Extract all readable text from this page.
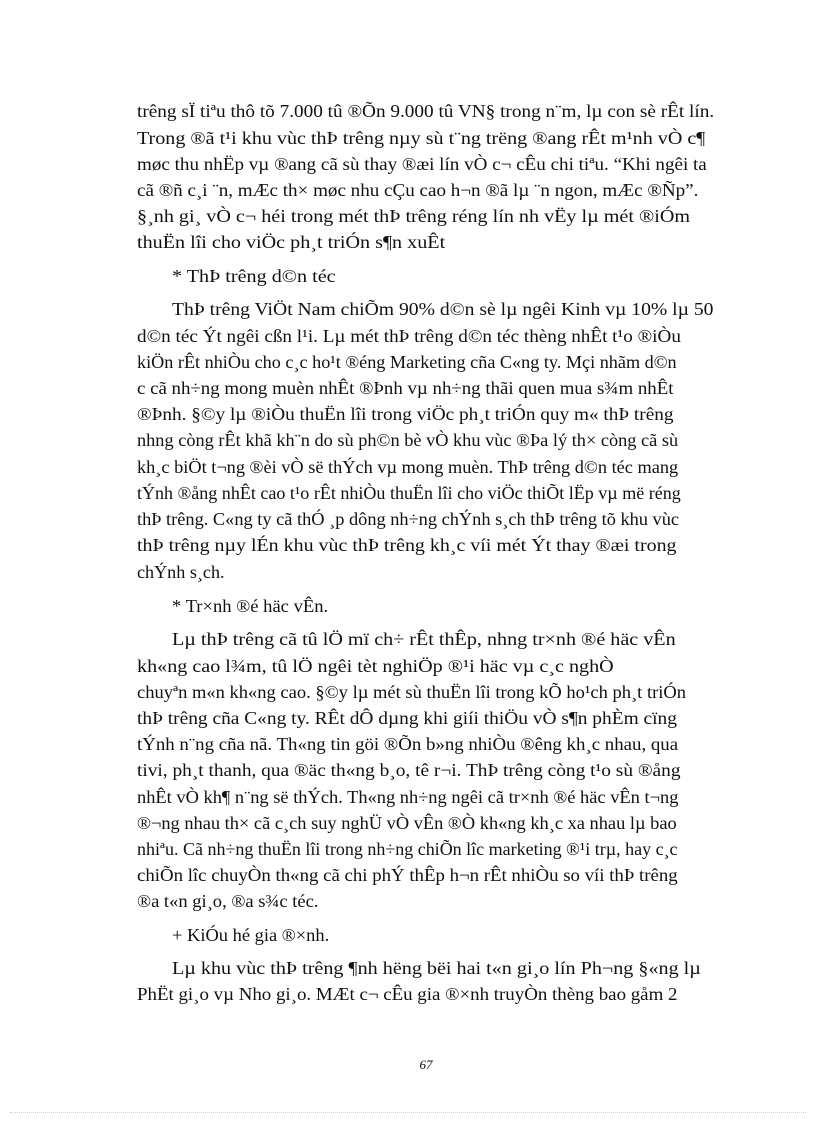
trêng sÏ tiªu thô tõ 7.000 tû ®Õn 9.000 tû VN§ trong n¨m, lµ con sè rÊt lín.
Trong ®ã t¹i khu vùc thÞ trêng nµy sù t¨ng trëng ®ang rÊt m¹nh vÒ c¶
møc thu nhËp vµ ®ang cã sù thay ®æi lín vÒ c¬ cÊu chi tiªu. “Khi ngêi ta
cã ®ñ c¸i ¨n, mÆc th× møc nhu cÇu cao h¬n ®ã lµ ¨n ngon, mÆc ®Ñp”.
§¸nh gi¸ vÒ c¬ héi trong mét thÞ trêng réng lín nh vËy lµ mét ®iÓm
thuËn lîi cho viÖc ph¸t triÓn s¶n xuÊt
* ThÞ trêng d©n téc
ThÞ trêng ViÖt Nam chiÕm 90% d©n sè lµ ngêi Kinh vµ 10% lµ 50
d©n téc Ýt ngêi cßn l¹i. Lµ mét thÞ trêng d©n téc thèng nhÊt t¹o ®iÒu
kiÖn rÊt nhiÒu cho c¸c ho¹t ®éng Marketing cña C«ng ty. Mçi nhãm d©n
c cã nh÷ng mong muèn nhÊt ®Þnh vµ nh÷ng thãi quen mua s¾m nhÊt
®Þnh. §©y lµ ®iÒu thuËn lîi trong viÖc ph¸t triÓn quy m« thÞ trêng
nhng còng rÊt khã kh¨n do sù ph©n bè vÒ khu vùc ®Þa lý th× còng cã sù
kh¸c biÖt t¬ng ®èi vÒ së thÝch vµ mong muèn. ThÞ trêng d©n téc mang
tÝnh ®ång nhÊt cao t¹o rÊt nhiÒu thuËn lîi cho viÖc thiÕt lËp vµ më réng
thÞ trêng. C«ng ty cã thÓ ¸p dông nh÷ng chÝnh s¸ch thÞ trêng tõ khu vùc
thÞ trêng nµy lÉn khu vùc thÞ trêng kh¸c víi mét Ýt thay ®æi trong
chÝnh s¸ch.
* Tr×nh ®é häc vÊn.
Lµ thÞ trêng cã tû lÖ mï ch÷ rÊt thÊp, nhng tr×nh ®é häc vÊn
kh«ng cao l¾m, tû lÖ ngêi tèt nghiÖp ®¹i häc vµ c¸c nghÒ
chuyªn m«n kh«ng cao. §©y lµ mét sù thuËn lîi trong kÕ ho¹ch ph¸t triÓn
thÞ trêng cña C«ng ty. RÊt dÔ dµng khi giíi thiÖu vÒ s¶n phÈm cïng
tÝnh n¨ng cña nã. Th«ng tin göi ®Õn b»ng nhiÒu ®êng kh¸c nhau, qua
tivi, ph¸t thanh, qua ®äc th«ng b¸o, tê r¬i. ThÞ trêng còng t¹o sù ®ång
nhÊt vÒ kh¶ n¨ng së thÝch. Th«ng nh÷ng ngêi cã tr×nh ®é häc vÊn t¬ng
®¬ng nhau th× cã c¸ch suy nghÜ vÒ vÊn ®Ò kh«ng kh¸c xa nhau lµ bao
nhiªu. Cã nh÷ng thuËn lîi trong nh÷ng chiÕn lîc marketing ®¹i trµ, hay c¸c
chiÕn lîc chuyÒn th«ng cã chi phÝ thÊp h¬n rÊt nhiÒu so víi thÞ trêng
®a t«n gi¸o, ®a s¾c téc.
+ KiÓu hé gia ®×nh.
Lµ khu vùc thÞ trêng ¶nh hëng bëi hai t«n gi¸o lín Ph¬ng §«ng lµ
PhËt gi¸o vµ Nho gi¸o. MÆt c¬ cÊu gia ®×nh truyÒn thèng bao gåm 2
67
